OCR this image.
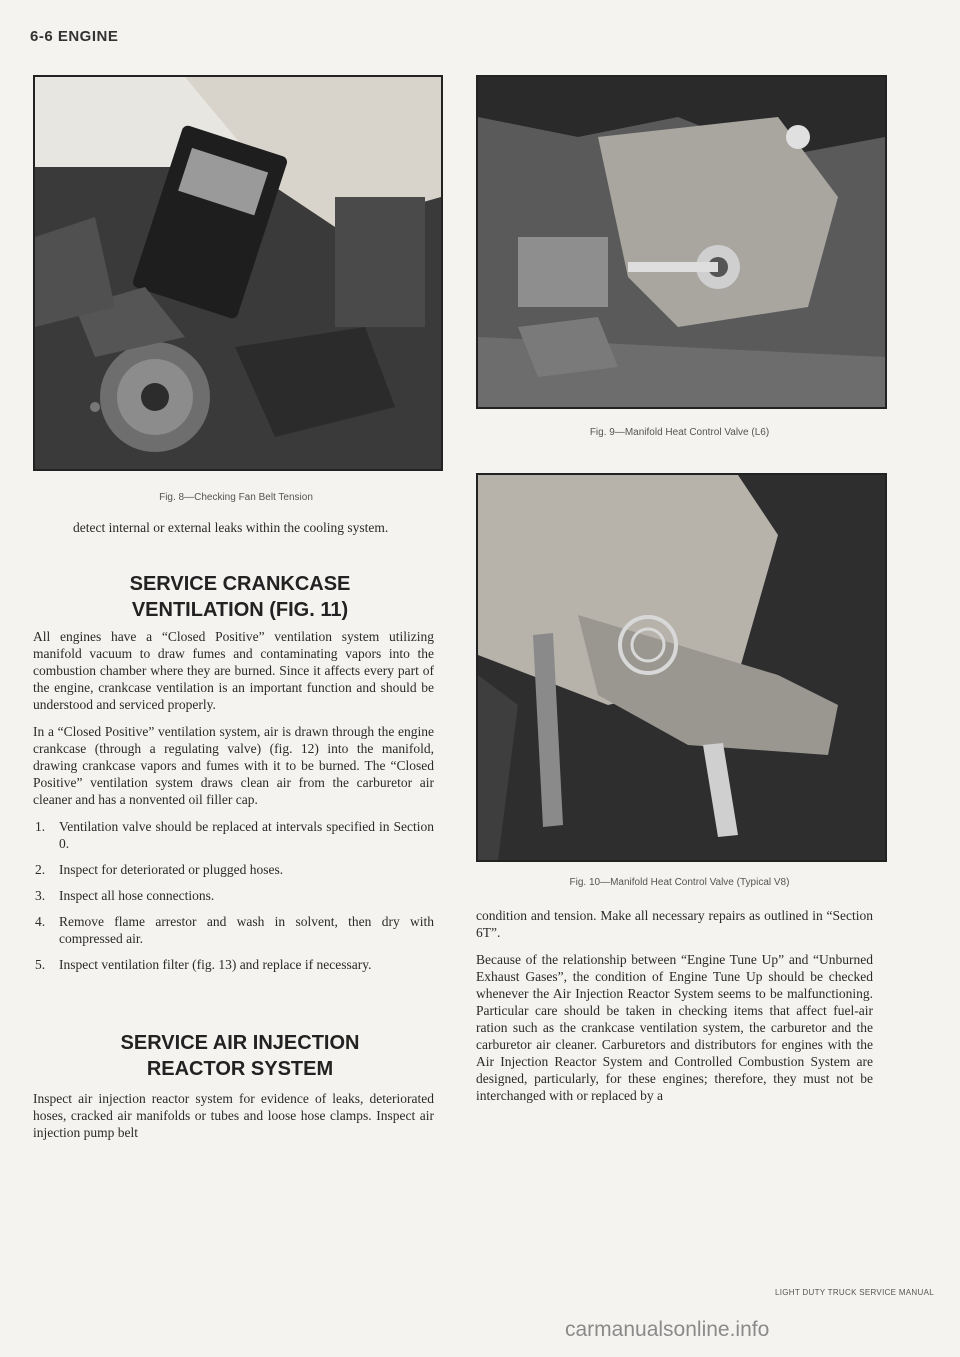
6-6 ENGINE
Fig. 8—Checking Fan Belt Tension
Fig. 9—Manifold Heat Control Valve (L6)
Fig. 10—Manifold Heat Control Valve (Typical V8)

detect internal or external leaks within the cooling system.

SERVICE CRANKCASE VENTILATION (FIG. 11)

All engines have a “Closed Positive” ventilation system utilizing manifold vacuum to draw fumes and contaminating vapors into the combustion chamber where they are burned. Since it affects every part of the engine, crankcase ventilation is an important function and should be understood and serviced properly.

In a “Closed Positive” ventilation system, air is drawn through the engine crankcase (through a regulating valve) (fig. 12) into the manifold, drawing crankcase vapors and fumes with it to be burned. The “Closed Positive” ventilation system draws clean air from the carburetor air cleaner and has a nonvented oil filler cap.

1. Ventilation valve should be replaced at intervals specified in Section 0.
2. Inspect for deteriorated or plugged hoses.
3. Inspect all hose connections.
4. Remove flame arrestor and wash in solvent, then dry with compressed air.
5. Inspect ventilation filter (fig. 13) and replace if necessary.
SERVICE AIR INJECTION REACTOR SYSTEM

Inspect air injection reactor system for evidence of leaks, deteriorated hoses, cracked air manifolds or tubes and loose hose clamps. Inspect air injection pump belt

condition and tension. Make all necessary repairs as outlined in “Section 6T”.

Because of the relationship between “Engine Tune Up” and “Unburned Exhaust Gases”, the condition of Engine Tune Up should be checked whenever the Air Injection Reactor System seems to be malfunctioning. Particular care should be taken in checking items that affect fuel-air ration such as the crankcase ventilation system, the carburetor and the carburetor air cleaner. Carburetors and distributors for engines with the Air Injection Reactor System and Controlled Combustion System are designed, particularly, for these engines; therefore, they must not be interchanged with or replaced by a

LIGHT DUTY TRUCK SERVICE MANUAL
carmanualsonline.info
